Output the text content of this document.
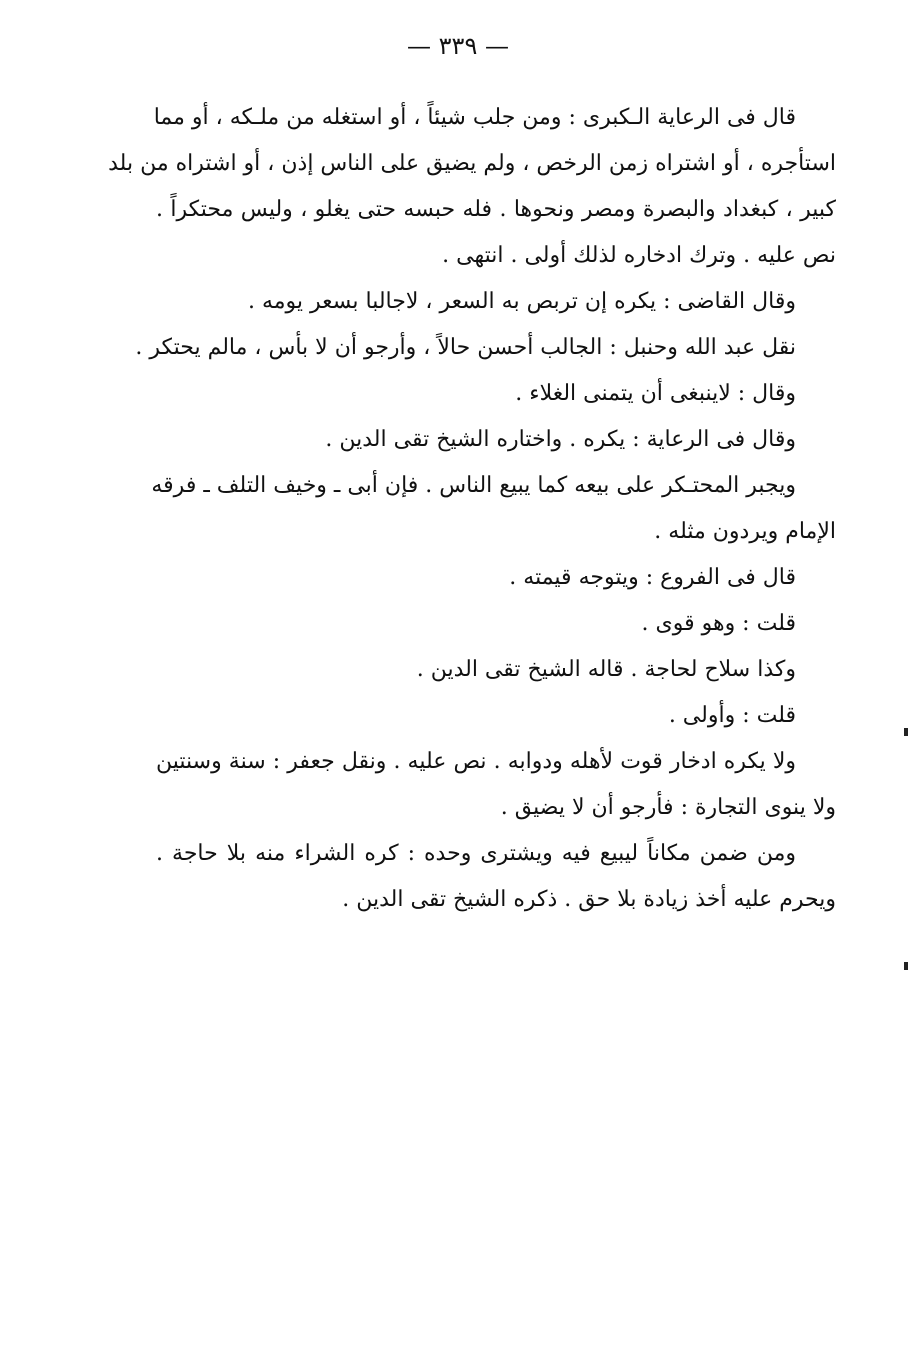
— ٣٣٩ —
قال فى الرعاية الـكبرى : ومن جلب شيئاً ، أو استغله من ملـكه ، أو مما
استأجره ، أو اشتراه زمن الرخص ، ولم يضيق على الناس إذن ، أو اشتراه من بلد
كبير ، كبغداد والبصرة ومصر ونحوها . فله حبسه حتى يغلو ، وليس محتكراً .
نص عليه . وترك ادخاره لذلك أولى . انتهى .
وقال القاضى : يكره إن تربص به السعر ، لاجالبا بسعر يومه .
نقل عبد الله وحنبل : الجالب أحسن حالاً ، وأرجو أن لا بأس ، مالم يحتكر .
وقال : لاينبغى أن يتمنى الغلاء .
وقال فى الرعاية : يكره . واختاره الشيخ تقى الدين .
ويجبر المحتـكر على بيعه كما يبيع الناس . فإن أبى ـ وخيف التلف ـ فرقه
الإمام ويردون مثله .
قال فى الفروع : ويتوجه قيمته .
قلت : وهو قوى .
وكذا سلاح لحاجة . قاله الشيخ تقى الدين .
قلت : وأولى .
ولا يكره ادخار قوت لأهله ودوابه . نص عليه . ونقل جعفر : سنة وسنتين
ولا ينوى التجارة : فأرجو أن لا يضيق .
ومن ضمن مكاناً ليبيع فيه ويشترى وحده : كره الشراء منه بلا حاجة .
ويحرم عليه أخذ زيادة بلا حق . ذكره الشيخ تقى الدين .
